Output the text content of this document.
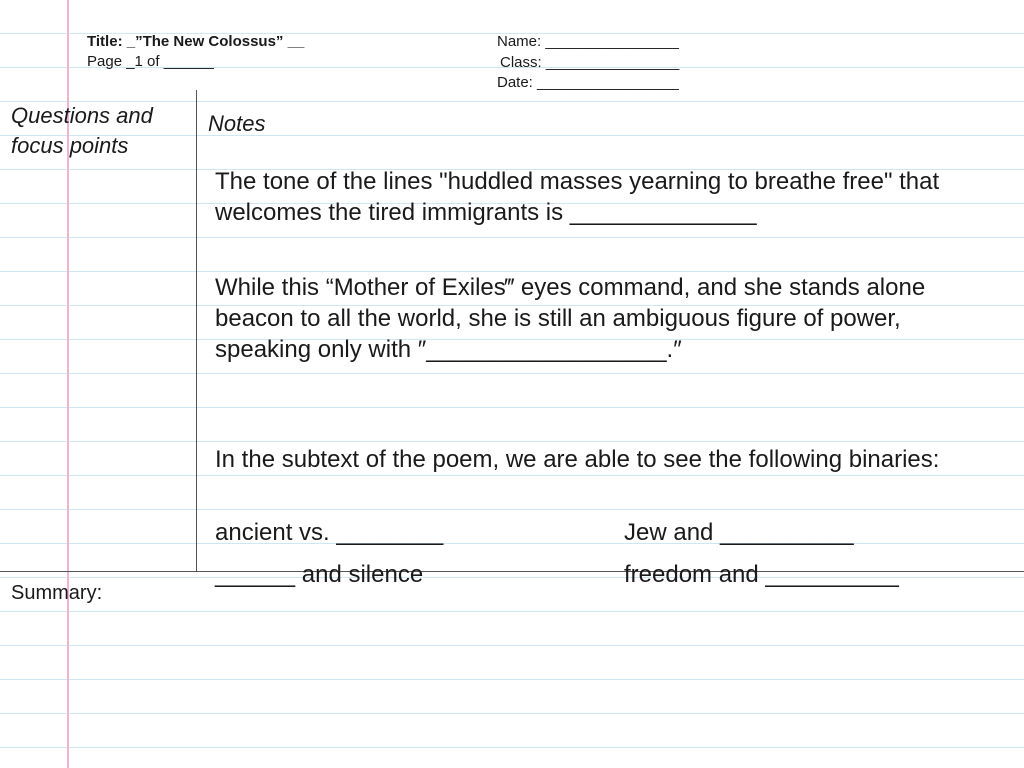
Title: _”The New Colossus” __
Page _1 of ______
Name: ________________
Class: ________________
Date: _________________
Questions and focus points
Notes
The tone of the lines "huddled masses yearning to breathe free" that welcomes the tired immigrants is ______________
While this “Mother of Exiles‴ eyes command, and she stands alone beacon to all the world, she is still an ambiguous figure of power, speaking only with ″__________________.″
In the subtext of the poem, we are able to see the following binaries:
ancient vs. ________	Jew and __________
______ and silence	freedom and __________
Summary:
